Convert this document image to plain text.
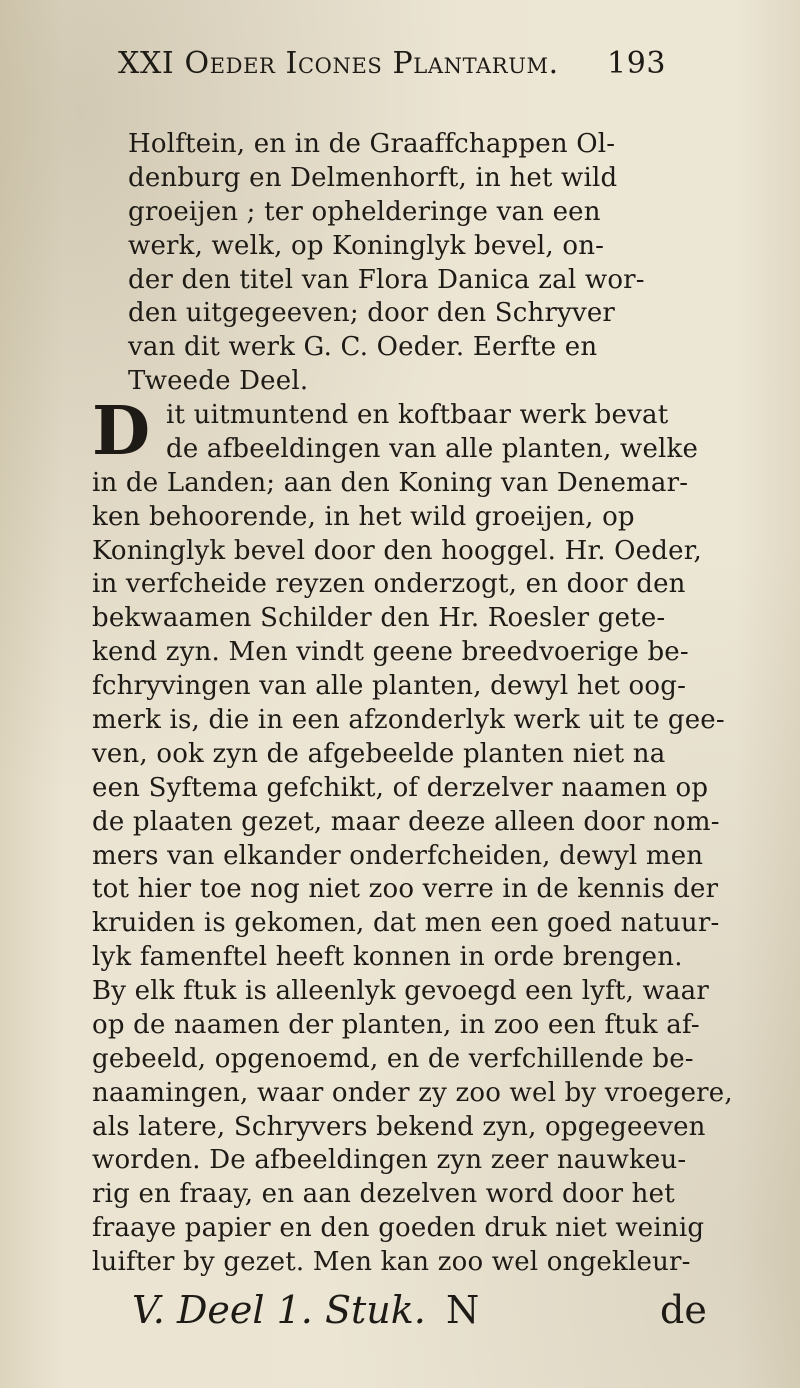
XXI Oeder Icones Plantarum. 193
Holftein, en in de Graaffchappen Ol-
denburg en Delmenhorft, in het wild
groeijen ; ter ophelderinge van een
werk, welk, op Koninglyk bevel, on-
der den titel van Flora Danica zal wor-
den uitgegeeven; door den Schryver
van dit werk G. C. Oeder. Eerfte en
Tweede Deel.
D it uitmuntend en koftbaar werk bevat
de afbeeldingen van alle planten, welke
in de Landen; aan den Koning van Denemar-
ken behoorende, in het wild groeijen, op
Koninglyk bevel door den hooggel. Hr. Oeder,
in verfcheide reyzen onderzogt, en door den
bekwaamen Schilder den Hr. Roesler gete-
kend zyn. Men vindt geene breedvoerige be-
fchryvingen van alle planten, dewyl het oog-
merk is, die in een afzonderlyk werk uit te gee-
ven, ook zyn de afgebeelde planten niet na
een Syftema gefchikt, of derzelver naamen op
de plaaten gezet, maar deeze alleen door nom-
mers van elkander onderfcheiden, dewyl men
tot hier toe nog niet zoo verre in de kennis der
kruiden is gekomen, dat men een goed natuur-
lyk famenftel heeft konnen in orde brengen.
By elk ftuk is alleenlyk gevoegd een lyft, waar
op de naamen der planten, in zoo een ftuk af-
gebeeld, opgenoemd, en de verfchillende be-
naamingen, waar onder zy zoo wel by vroegere,
als latere, Schryvers bekend zyn, opgegeeven
worden. De afbeeldingen zyn zeer nauwkeu-
rig en fraay, en aan dezelven word door het
fraaye papier en den goeden druk niet weinig
luifter by gezet. Men kan zoo wel ongekleur-
V. Deel 1. Stuk. N	de
